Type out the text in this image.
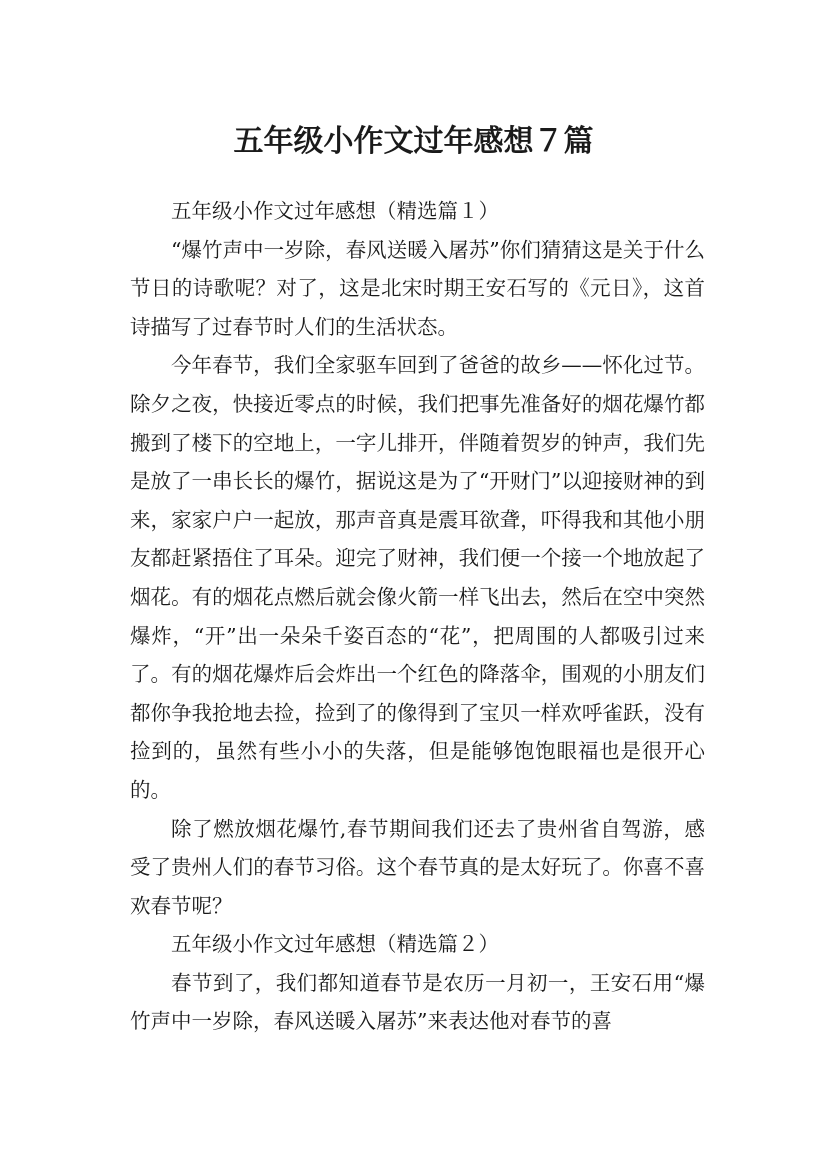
五年级小作文过年感想７篇

五年级小作文过年感想（精选篇１）

“爆竹声中一岁除，春风送暖入屠苏”你们猜猜这是关于什么节日的诗歌呢？对了，这是北宋时期王安石写的《元日》，这首诗描写了过春节时人们的生活状态。

今年春节，我们全家驱车回到了爸爸的故乡——怀化过节。除夕之夜，快接近零点的时候，我们把事先准备好的烟花爆竹都搬到了楼下的空地上，一字儿排开，伴随着贺岁的钟声，我们先是放了一串长长的爆竹，据说这是为了“开财门”以迎接财神的到来，家家户户一起放，那声音真是震耳欲聋，吓得我和其他小朋友都赶紧捂住了耳朵。迎完了财神，我们便一个接一个地放起了烟花。有的烟花点燃后就会像火箭一样飞出去，然后在空中突然爆炸，“开”出一朵朵千姿百态的“花”，把周围的人都吸引过来了。有的烟花爆炸后会炸出一个红色的降落伞，围观的小朋友们都你争我抢地去捡，捡到了的像得到了宝贝一样欢呼雀跃，没有捡到的，虽然有些小小的失落，但是能够饱饱眼福也是很开心的。

除了燃放烟花爆竹,春节期间我们还去了贵州省自驾游，感受了贵州人们的春节习俗。这个春节真的是太好玩了。你喜不喜欢春节呢？

五年级小作文过年感想（精选篇２）

春节到了，我们都知道春节是农历一月初一，王安石用“爆竹声中一岁除，春风送暖入屠苏”来表达他对春节的喜
